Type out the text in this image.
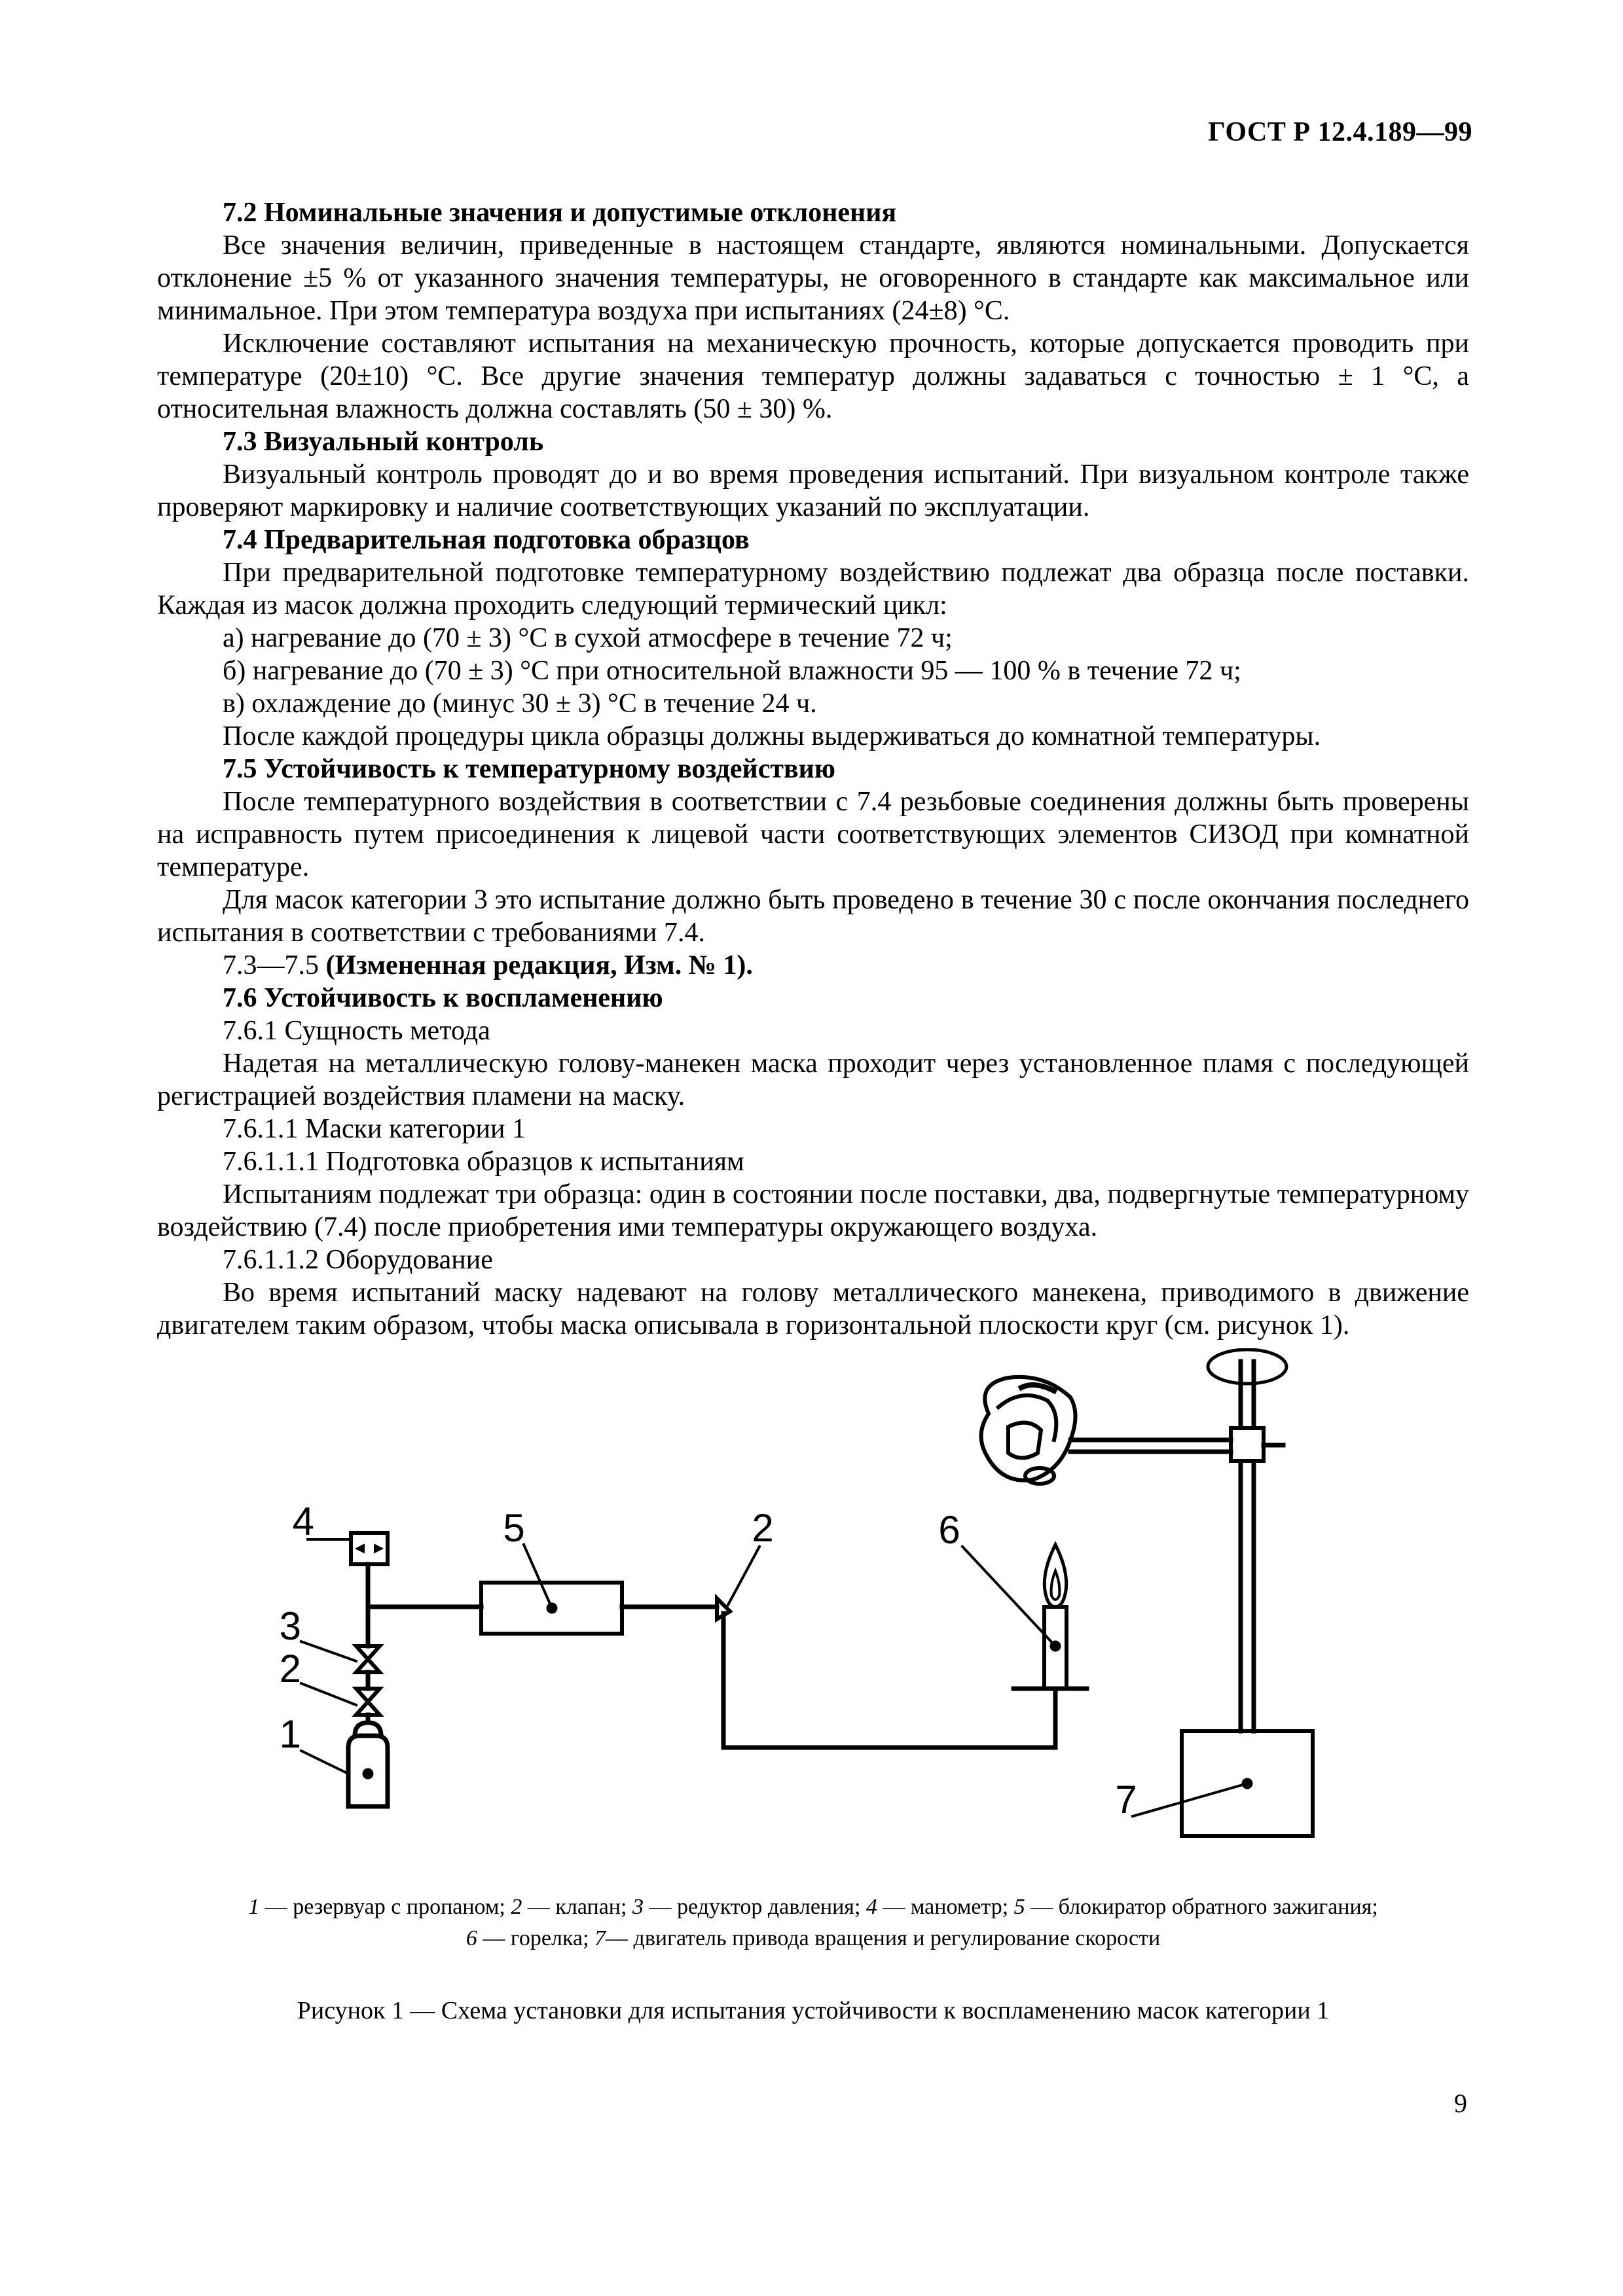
ГОСТ Р 12.4.189—99

7.2 Номинальные значения и допустимые отклонения

Все значения величин, приведенные в настоящем стандарте, являются номинальными. Допускается отклонение ±5 % от указанного значения температуры, не оговоренного в стандарте как максимальное или минимальное. При этом температура воздуха при испытаниях (24±8) °С.

Исключение составляют испытания на механическую прочность, которые допускается проводить при температуре (20±10) °С. Все другие значения температур должны задаваться с точностью ± 1 °С, а относительная влажность должна составлять (50 ± 30) %.

7.3 Визуальный контроль

Визуальный контроль проводят до и во время проведения испытаний. При визуальном контроле также проверяют маркировку и наличие соответствующих указаний по эксплуатации.

7.4 Предварительная подготовка образцов

При предварительной подготовке температурному воздействию подлежат два образца после поставки. Каждая из масок должна проходить следующий термический цикл:

а) нагревание до (70 ± 3) °С в сухой атмосфере в течение 72 ч;

б) нагревание до (70 ± 3) °С при относительной влажности 95 — 100 % в течение 72 ч;

в) охлаждение до (минус 30 ± 3) °С в течение 24 ч.

После каждой процедуры цикла образцы должны выдерживаться до комнатной температуры.

7.5 Устойчивость к температурному воздействию

После температурного воздействия в соответствии с 7.4 резьбовые соединения должны быть проверены на исправность путем присоединения к лицевой части соответствующих элементов СИЗОД при комнатной температуре.

Для масок категории 3 это испытание должно быть проведено в течение 30 с после окончания последнего испытания в соответствии с требованиями 7.4.

7.3—7.5 (Измененная редакция, Изм. № 1).

7.6 Устойчивость к воспламенению

7.6.1 Сущность метода

Надетая на металлическую голову-манекен маска проходит через установленное пламя с последующей регистрацией воздействия пламени на маску.

7.6.1.1 Маски категории 1

7.6.1.1.1 Подготовка образцов к испытаниям

Испытаниям подлежат три образца: один в состоянии после поставки, два, подвергнутые температурному воздействию (7.4) после приобретения ими температуры окружающего воздуха.

7.6.1.1.2 Оборудование

Во время испытаний маску надевают на голову металлического манекена, приводимого в движение двигателем таким образом, чтобы маска описывала в горизонтальной плоскости круг (см. рисунок 1).

1
2
3
4	5	2	6
7
1 — резервуар с пропаном; 2 — клапан; 3 — редуктор давления; 4 — манометр; 5 — блокиратор обратного зажигания;
6 — горелка; 7— двигатель привода вращения и регулирование скорости
Рисунок 1 — Схема установки для испытания устойчивости к воспламенению масок категории 1
9
